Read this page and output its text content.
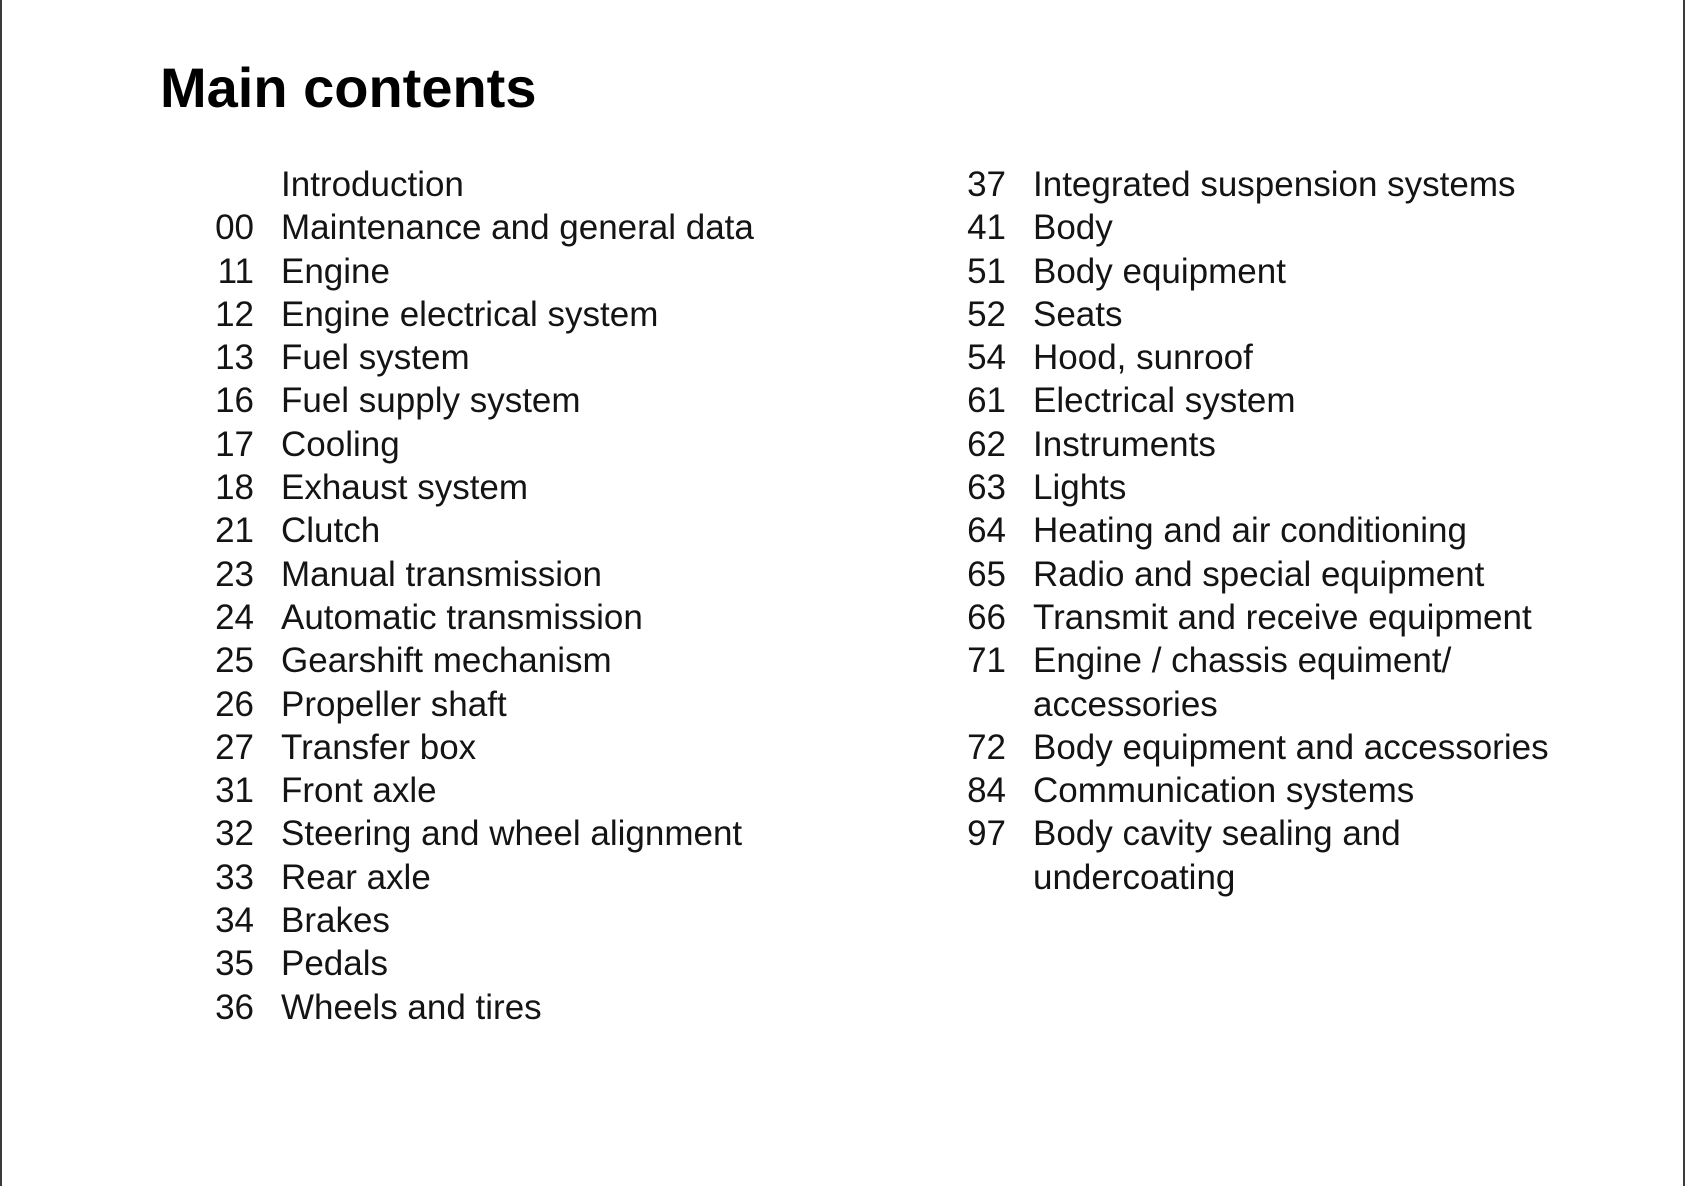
Main contents
Introduction
00 Maintenance and general data
11 Engine
12 Engine electrical system
13 Fuel system
16 Fuel supply system
17 Cooling
18 Exhaust system
21 Clutch
23 Manual transmission
24 Automatic transmission
25 Gearshift mechanism
26 Propeller shaft
27 Transfer box
31 Front axle
32 Steering and wheel alignment
33 Rear axle
34 Brakes
35 Pedals
36 Wheels and tires
37 Integrated suspension systems
41 Body
51 Body equipment
52 Seats
54 Hood, sunroof
61 Electrical system
62 Instruments
63 Lights
64 Heating and air conditioning
65 Radio and special equipment
66 Transmit and receive equipment
71 Engine / chassis equiment/
accessories
72 Body equipment and accessories
84 Communication systems
97 Body cavity sealing and
undercoating
